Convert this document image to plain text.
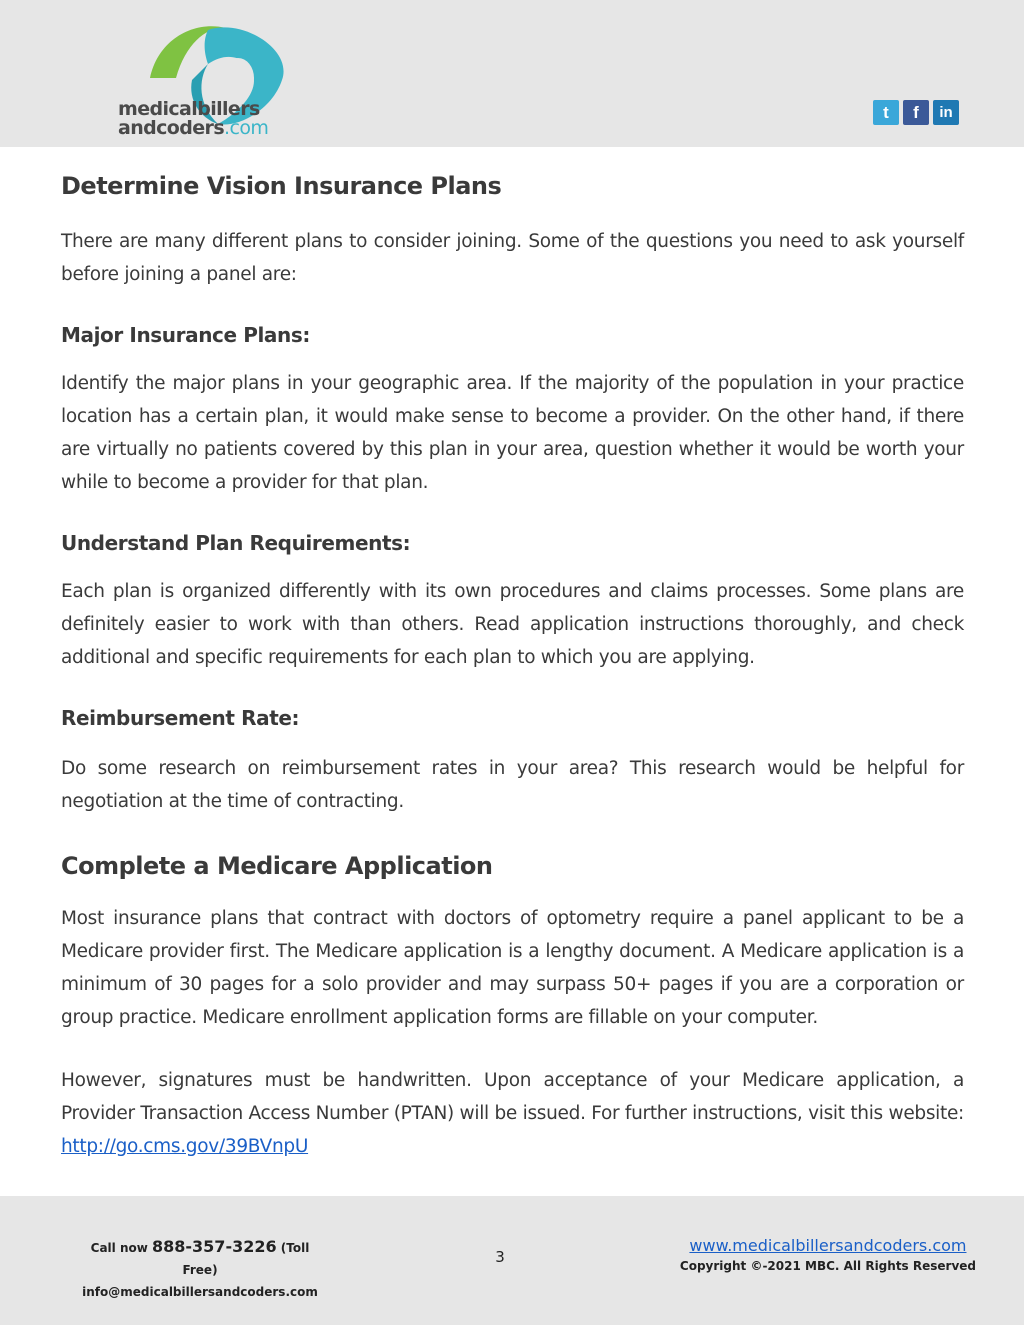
medicalbillers
andcoders.com
t	f	in
Determine Vision Insurance Plans

There are many different plans to consider joining. Some of the questions you need to ask yourself before joining a panel are:

Major Insurance Plans:

Identify the major plans in your geographic area. If the majority of the population in your practice location has a certain plan, it would make sense to become a provider. On the other hand, if there are virtually no patients covered by this plan in your area, question whether it would be worth your while to become a provider for that plan.

Understand Plan Requirements:

Each plan is organized differently with its own procedures and claims processes. Some plans are definitely easier to work with than others. Read application instructions thoroughly, and check additional and specific requirements for each plan to which you are applying.

Reimbursement Rate:

Do some research on reimbursement rates in your area? This research would be helpful for negotiation at the time of contracting.

Complete a Medicare Application

Most insurance plans that contract with doctors of optometry require a panel applicant to be a Medicare provider first. The Medicare application is a lengthy document. A Medicare application is a minimum of 30 pages for a solo provider and may surpass 50+ pages if you are a corporation or group practice. Medicare enrollment application forms are fillable on your computer.

However, signatures must be handwritten. Upon acceptance of your Medicare application, a Provider Transaction Access Number (PTAN) will be issued. For further instructions, visit this website: http://go.cms.gov/39BVnpU

Call now 888-357-3226 (Toll Free)
info@medicalbillersandcoders.com
3
www.medicalbillersandcoders.com
Copyright ©-2021 MBC. All Rights Reserved
